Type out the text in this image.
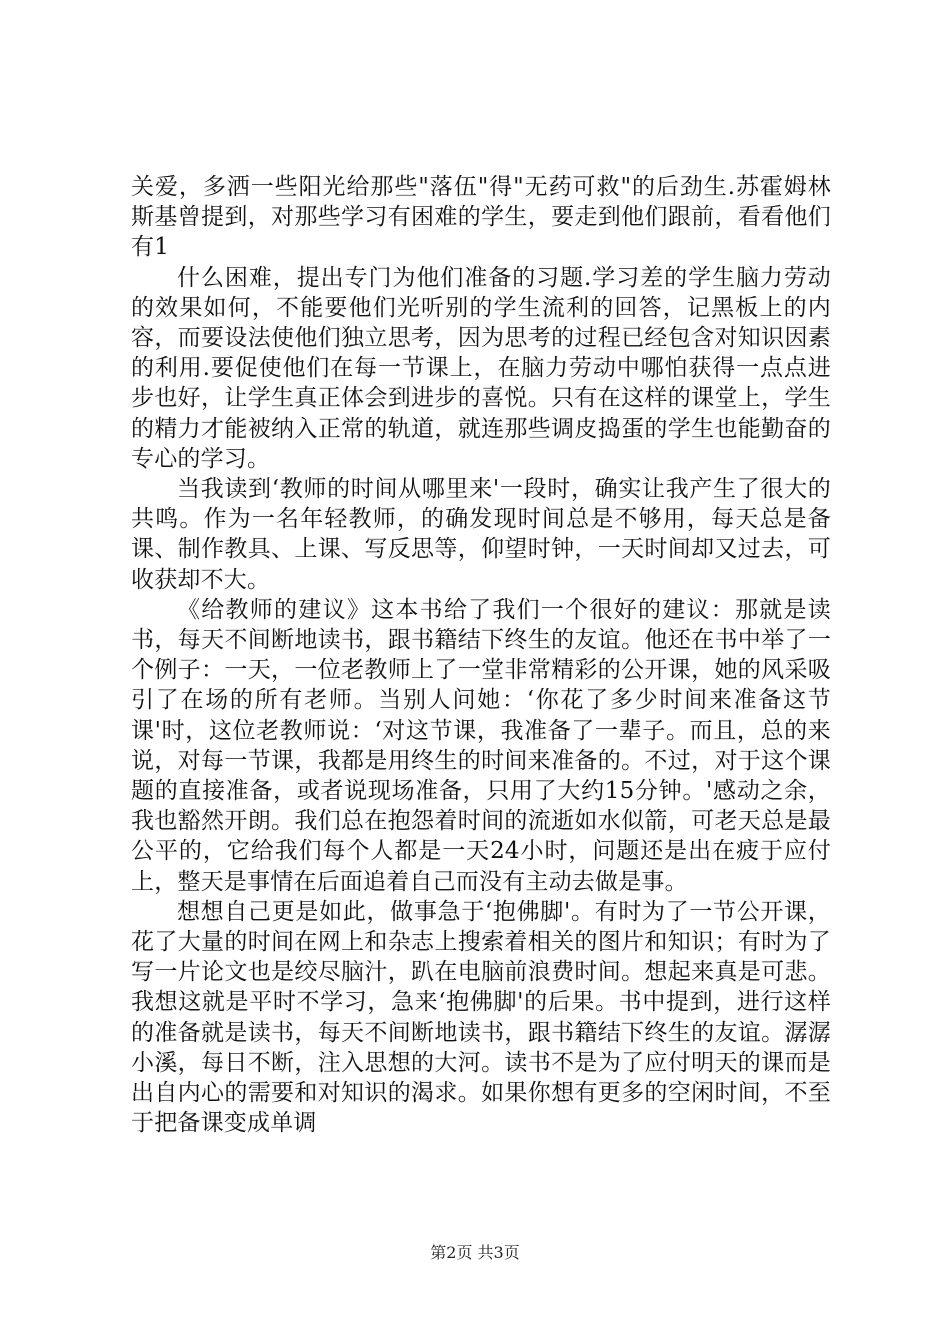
关爱，多洒一些阳光给那些"落伍"得"无药可救"的后劲生.苏霍姆林斯基曾提到，对那些学习有困难的学生，要走到他们跟前，看看他们有1

什么困难，提出专门为他们准备的习题.学习差的学生脑力劳动的效果如何，不能要他们光听别的学生流利的回答，记黑板上的内容，而要设法使他们独立思考，因为思考的过程已经包含对知识因素的利用.要促使他们在每一节课上，在脑力劳动中哪怕获得一点点进步也好，让学生真正体会到进步的喜悦。只有在这样的课堂上，学生的精力才能被纳入正常的轨道，就连那些调皮捣蛋的学生也能勤奋的专心的学习。

当我读到‘教师的时间从哪里来'一段时，确实让我产生了很大的共鸣。作为一名年轻教师，的确发现时间总是不够用，每天总是备课、制作教具、上课、写反思等，仰望时钟，一天时间却又过去，可收获却不大。

《给教师的建议》这本书给了我们一个很好的建议：那就是读书，每天不间断地读书，跟书籍结下终生的友谊。他还在书中举了一个例子：一天，一位老教师上了一堂非常精彩的公开课，她的风采吸引了在场的所有老师。当别人问她：‘你花了多少时间来准备这节课'时，这位老教师说：‘对这节课，我准备了一辈子。而且，总的来说，对每一节课，我都是用终生的时间来准备的。不过，对于这个课题的直接准备，或者说现场准备，只用了大约15分钟。'感动之余，我也豁然开朗。我们总在抱怨着时间的流逝如水似箭，可老天总是最公平的，它给我们每个人都是一天24小时，问题还是出在疲于应付上，整天是事情在后面追着自己而没有主动去做是事。

想想自己更是如此，做事急于‘抱佛脚'。有时为了一节公开课，花了大量的时间在网上和杂志上搜索着相关的图片和知识；有时为了写一片论文也是绞尽脑汁，趴在电脑前浪费时间。想起来真是可悲。我想这就是平时不学习，急来‘抱佛脚'的后果。书中提到，进行这样的准备就是读书，每天不间断地读书，跟书籍结下终生的友谊。潺潺小溪，每日不断，注入思想的大河。读书不是为了应付明天的课而是出自内心的需要和对知识的渴求。如果你想有更多的空闲时间，不至于把备课变成单调

第2页 共3页
